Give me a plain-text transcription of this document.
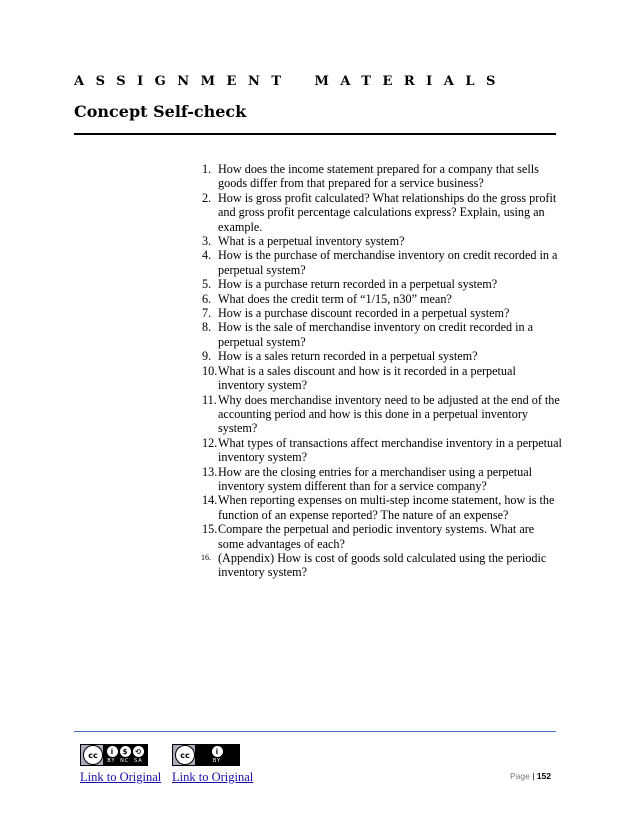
ASSIGNMENT MATERIALS
Concept Self-check
1. How does the income statement prepared for a company that sells goods differ from that prepared for a service business?
2. How is gross profit calculated? What relationships do the gross profit and gross profit percentage calculations express? Explain, using an example.
3. What is a perpetual inventory system?
4. How is the purchase of merchandise inventory on credit recorded in a perpetual system?
5. How is a purchase return recorded in a perpetual system?
6. What does the credit term of “1/15, n30” mean?
7. How is a purchase discount recorded in a perpetual system?
8. How is the sale of merchandise inventory on credit recorded in a perpetual system?
9. How is a sales return recorded in a perpetual system?
10. What is a sales discount and how is it recorded in a perpetual inventory system?
11. Why does merchandise inventory need to be adjusted at the end of the accounting period and how is this done in a perpetual inventory system?
12. What types of transactions affect merchandise inventory in a perpetual inventory system?
13. How are the closing entries for a merchandiser using a perpetual inventory system different than for a service company?
14. When reporting expenses on multi-step income statement, how is the function of an expense reported? The nature of an expense?
15. Compare the perpetual and periodic inventory systems. What are some advantages of each?
16. (Appendix) How is cost of goods sold calculated using the periodic inventory system?
cc	i	$	⟲
BY NC SA
cc	i
BY
Link to Original Link to Original	Page | 152
